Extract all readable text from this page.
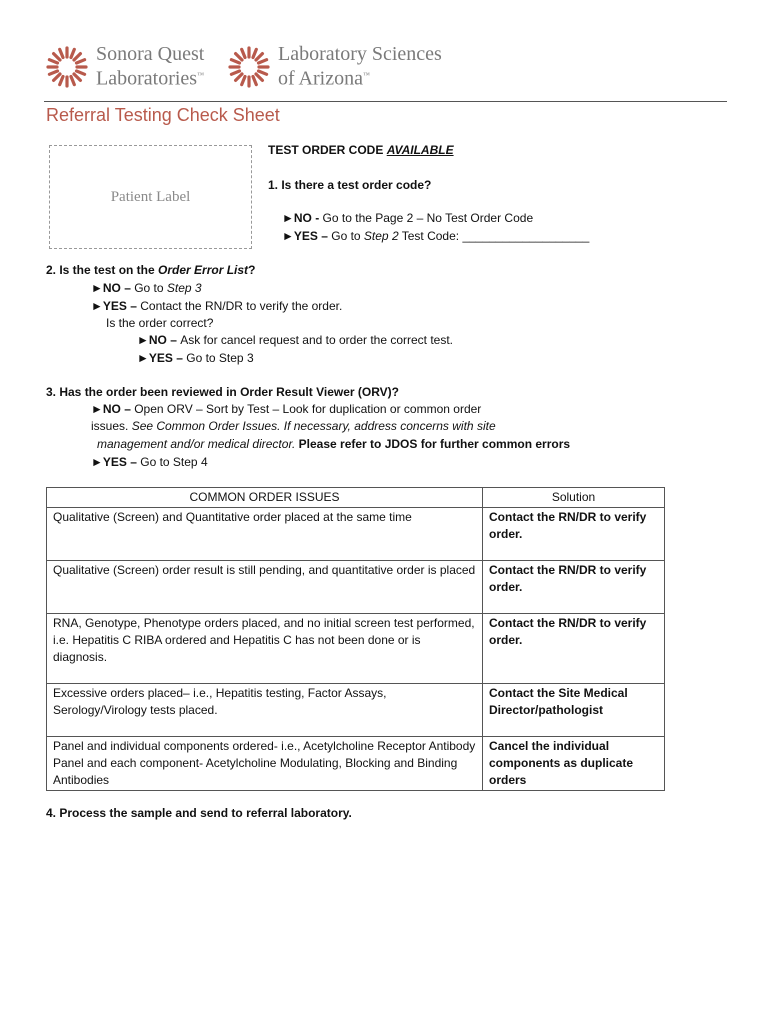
Sonora Quest
Laboratories™
Laboratory Sciences
of Arizona™
Referral Testing Check Sheet
Patient Label
TEST ORDER CODE AVAILABLE
1. Is there a test order code?
►NO - Go to the Page 2 – No Test Order Code
►YES – Go to Step 2 Test Code: ___________________
2. Is the test on the Order Error List?
►NO – Go to Step 3
►YES – Contact the RN/DR to verify the order.
Is the order correct?
►NO – Ask for cancel request and to order the correct test.
►YES – Go to Step 3
3. Has the order been reviewed in Order Result Viewer (ORV)?
►NO – Open ORV – Sort by Test – Look for duplication or common order
issues. See Common Order Issues. If necessary, address concerns with site
management and/or medical director. Please refer to JDOS for further common errors
►YES – Go to Step 4
COMMON ORDER ISSUES	Solution
Qualitative (Screen) and Quantitative order placed at the same time	Contact the RN/DR to verify order.
Qualitative (Screen) order result is still pending, and quantitative order is placed	Contact the RN/DR to verify order.
RNA, Genotype, Phenotype orders placed, and no initial screen test performed, i.e. Hepatitis C RIBA ordered and Hepatitis C has not been done or is diagnosis.	Contact the RN/DR to verify order.
Excessive orders placed– i.e., Hepatitis testing, Factor Assays, Serology/Virology tests placed.	Contact the Site Medical Director/pathologist
Panel and individual components ordered- i.e., Acetylcholine Receptor Antibody Panel and each component- Acetylcholine Modulating, Blocking and Binding Antibodies	Cancel the individual components as duplicate orders
4. Process the sample and send to referral laboratory.
